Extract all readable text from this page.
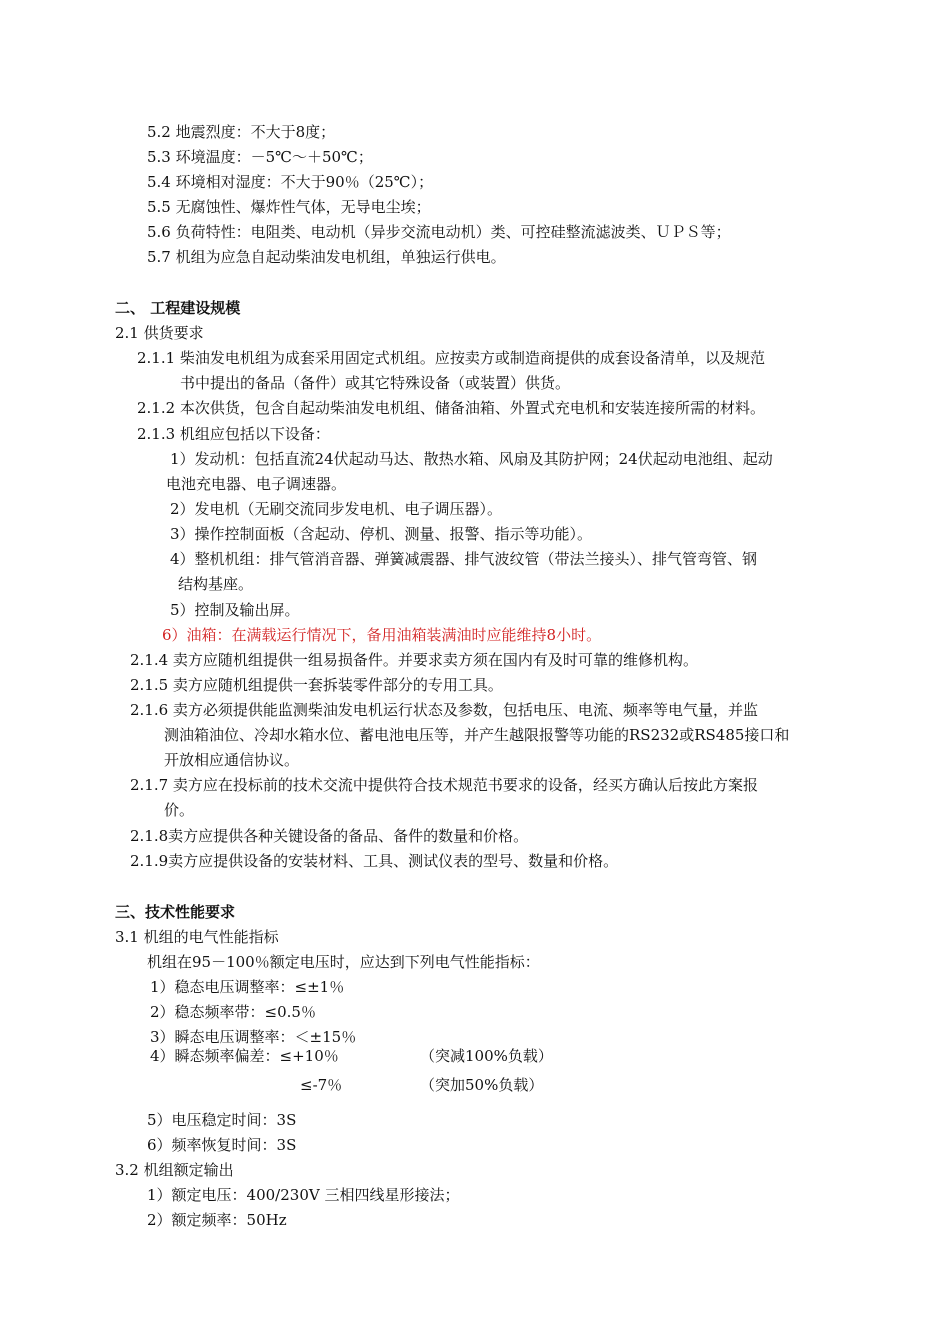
5.2 地震烈度：不大于8度；
5.3 环境温度：－5℃～＋50℃；
5.4 环境相对湿度：不大于90％（25℃）；
5.5 无腐蚀性、爆炸性气体，无导电尘埃；
5.6 负荷特性：电阻类、电动机（异步交流电动机）类、可控硅整流滤波类、ＵＰＳ等；
5.7 机组为应急自起动柴油发电机组，单独运行供电。
二、 工程建设规模
2.1 供货要求
2.1.1 柴油发电机组为成套采用固定式机组。应按卖方或制造商提供的成套设备清单，以及规范
书中提出的备品（备件）或其它特殊设备（或装置）供货。
2.1.2 本次供货，包含自起动柴油发电机组、储备油箱、外置式充电机和安装连接所需的材料。
2.1.3 机组应包括以下设备：
1）发动机：包括直流24伏起动马达、散热水箱、风扇及其防护网；24伏起动电池组、起动
电池充电器、电子调速器。
2）发电机（无刷交流同步发电机、电子调压器）。
3）操作控制面板（含起动、停机、测量、报警、指示等功能）。
4）整机机组：排气管消音器、弹簧减震器、排气波纹管（带法兰接头）、排气管弯管、钢
结构基座。
5）控制及输出屏。
6）油箱：在满载运行情况下，备用油箱装满油时应能维持8小时。
2.1.4 卖方应随机组提供一组易损备件。并要求卖方须在国内有及时可靠的维修机构。
2.1.5 卖方应随机组提供一套拆装零件部分的专用工具。
2.1.6 卖方必须提供能监测柴油发电机运行状态及参数，包括电压、电流、频率等电气量，并监
测油箱油位、冷却水箱水位、蓄电池电压等，并产生越限报警等功能的RS232或RS485接口和
开放相应通信协议。
2.1.7 卖方应在投标前的技术交流中提供符合技术规范书要求的设备，经买方确认后按此方案报
价。
2.1.8卖方应提供各种关键设备的备品、备件的数量和价格。
2.1.9卖方应提供设备的安装材料、工具、测试仪表的型号、数量和价格。
三、技术性能要求
3.1 机组的电气性能指标
机组在95－100％额定电压时，应达到下列电气性能指标：
1）稳态电压调整率：≤±1％
2）稳态频率带：≤0.5％
3）瞬态电压调整率：＜±15％
4）瞬态频率偏差：≤+10％	（突减100%负载）
≤-7％	（突加50%负载）
5）电压稳定时间：3S
6）频率恢复时间：3S
3.2 机组额定输出
1）额定电压：400/230V 三相四线星形接法；
2）额定频率：50Hz
